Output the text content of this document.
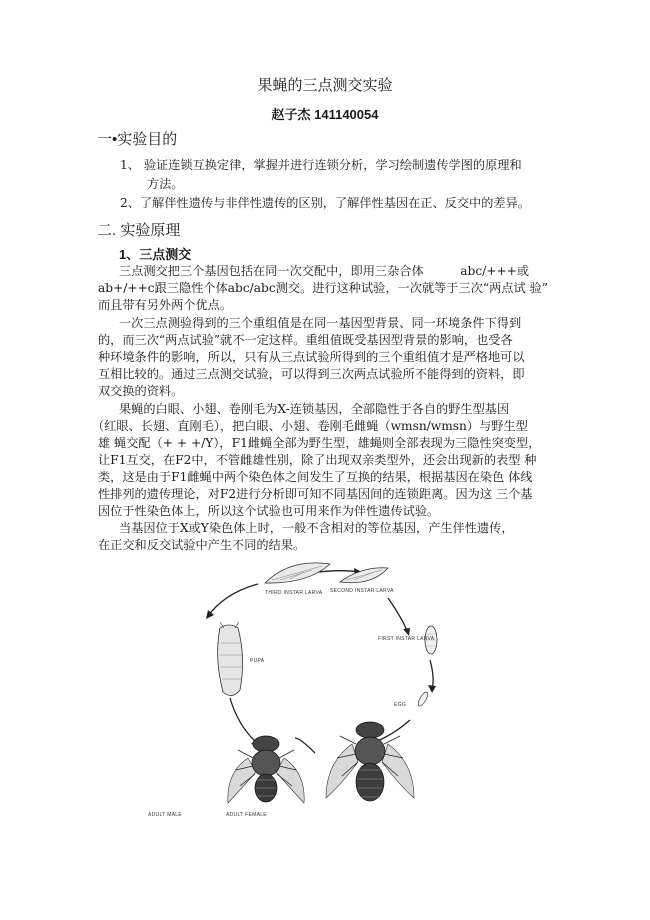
果蝇的三点测交实验
赵子杰 141140054
一•实验目的
1、 验证连锁互换定律，掌握并进行连锁分析，学习绘制遗传学图的原理和
方法。
2、了解伴性遗传与非伴性遗传的区别，了解伴性基因在正、反交中的差异。
二. 实验原理
1、三点测交
三点测交把三个基因包括在同一次交配中，即用三杂合体　　　abc/+++或
ab+/++c跟三隐性个体abc/abc测交。进行这种试验，一次就等于三次“两点试 验”
而且带有另外两个优点。
一次三点测验得到的三个重组值是在同一基因型背景、同一环境条件下得到
的，而三次“两点试验”就不一定这样。重组值既受基因型背景的影响，也受各
种环境条件的影响，所以，只有从三点试验所得到的三个重组值才是严格地可以
互相比较的。通过三点测交试验，可以得到三次两点试验所不能得到的资料，即
双交换的资料。
果蝇的白眼、小翅、卷刚毛为X-连锁基因，全部隐性于各自的野生型基因
（红眼、长翅、直刚毛），把白眼、小翅、卷刚毛雌蝇（wmsn/wmsn）与野生型
雄 蝇交配（+ + +/Y），F1雌蝇全部为野生型，雄蝇则全部表现为三隐性突变型，
让F1互交，在F2中，不管雌雄性别，除了出现双亲类型外，还会出现新的表型 种
类，这是由于F1雌蝇中两个染色体之间发生了互换的结果，根据基因在染色 体线
性排列的遗传理论，对F2进行分析即可知不同基因间的连锁距离。因为这 三个基
因位于性染色体上，所以这个试验也可用来作为伴性遗传试验。
当基因位于X或Y染色体上时，一般不含相对的等位基因，产生伴性遗传，
在正交和反交试验中产生不同的结果。
THIRD INSTAR LARVA SECOND INSTAR LARVA
FIRST INSTAR LARVA
EGG
PUPA
ADULT MALE	ADULT FEMALE
